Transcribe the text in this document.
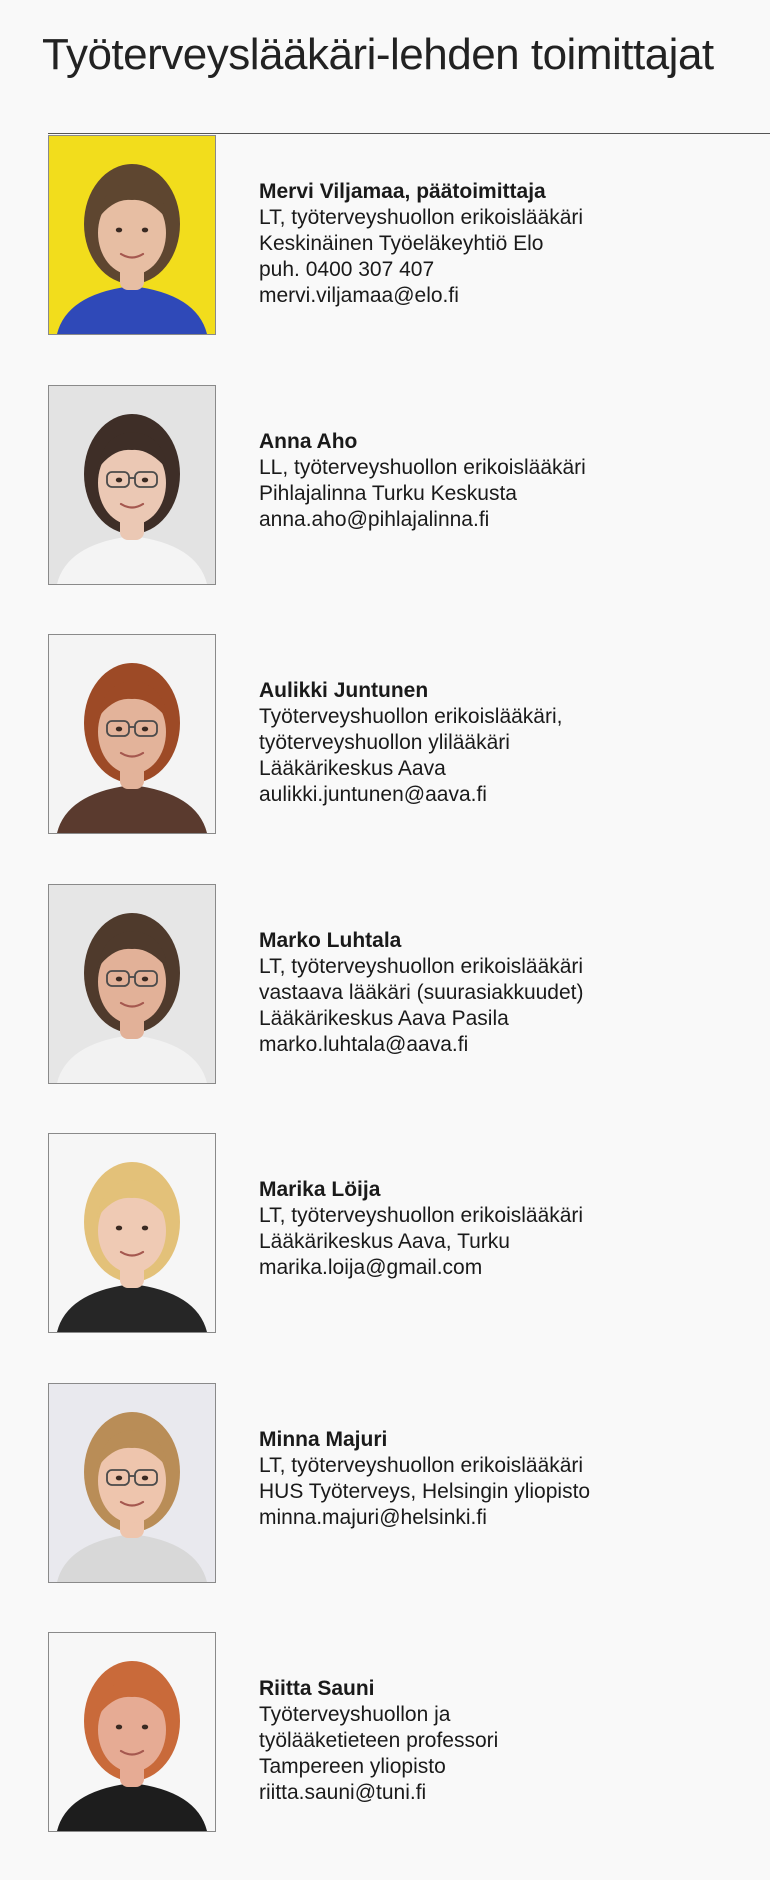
Työterveyslääkäri-lehden toimittajat
Mervi Viljamaa, päätoimittaja
LT, työterveyshuollon erikoislääkäri
Keskinäinen Työeläkeyhtiö Elo
puh. 0400 307 407
mervi.viljamaa@elo.fi
Anna Aho
LL, työterveyshuollon erikoislääkäri
Pihlajalinna Turku Keskusta
anna.aho@pihlajalinna.fi
Aulikki Juntunen
Työterveyshuollon erikoislääkäri,
työterveyshuollon ylilääkäri
Lääkärikeskus Aava
aulikki.juntunen@aava.fi
Marko Luhtala
LT, työterveyshuollon erikoislääkäri
vastaava lääkäri (suurasiakkuudet)
Lääkärikeskus Aava Pasila
marko.luhtala@aava.fi
Marika Löija
LT, työterveyshuollon erikoislääkäri
Lääkärikeskus Aava, Turku
marika.loija@gmail.com
Minna Majuri
LT, työterveyshuollon erikoislääkäri
HUS Työterveys, Helsingin yliopisto
minna.majuri@helsinki.fi
Riitta Sauni
Työterveyshuollon ja
työlääketieteen professori
Tampereen yliopisto
riitta.sauni@tuni.fi
